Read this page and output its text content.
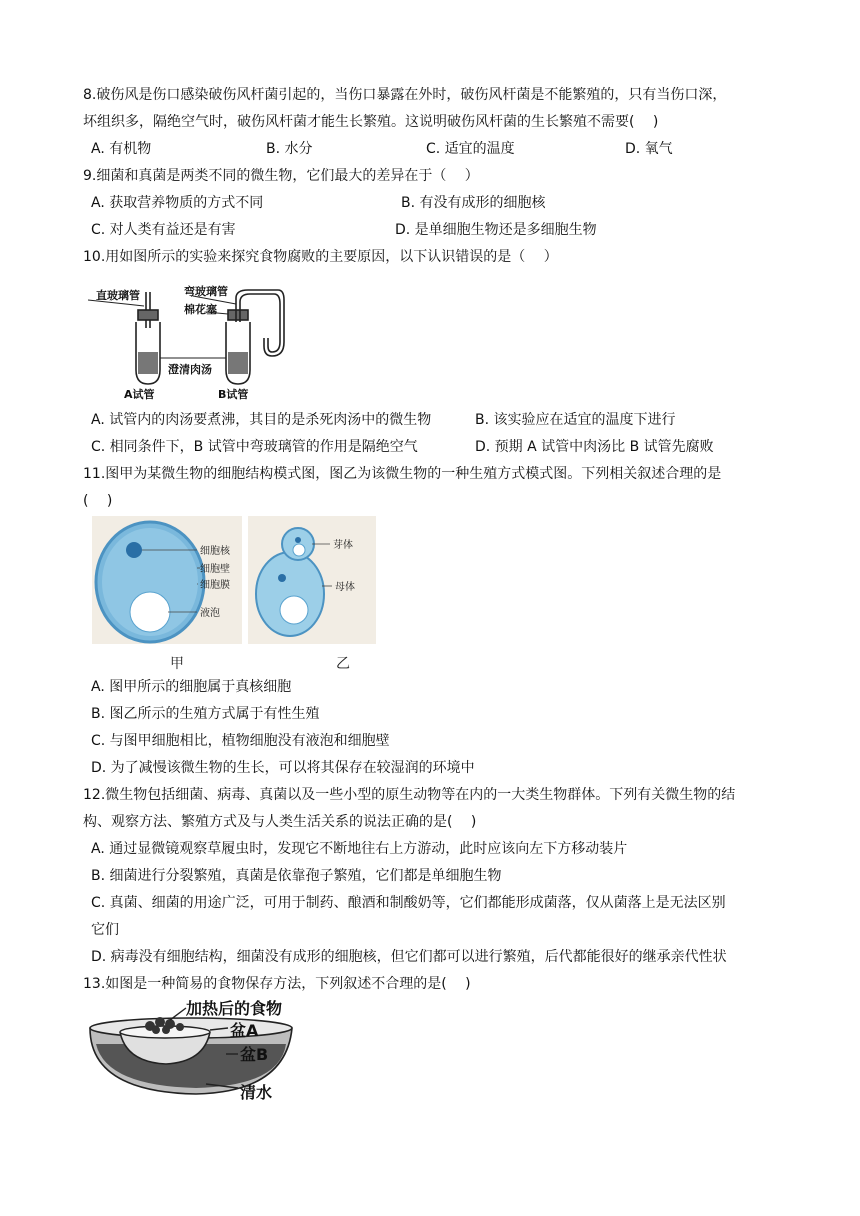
8.破伤风是伤口感染破伤风杆菌引起的，当伤口暴露在外时，破伤风杆菌是不能繁殖的，只有当伤口深，
坏组织多，隔绝空气时，破伤风杆菌才能生长繁殖。这说明破伤风杆菌的生长繁殖不需要(　 )
A. 有机物	B. 水分	C. 适宜的温度	D. 氧气
9.细菌和真菌是两类不同的微生物，它们最大的差异在于（　 ）
A. 获取营养物质的方式不同	B. 有没有成形的细胞核
C. 对人类有益还是有害	D. 是单细胞生物还是多细胞生物
10.用如图所示的实验来探究食物腐败的主要原因，以下认识错误的是（　 ）
直玻璃管	弯玻璃管
棉花塞
澄清肉汤
A试管	B试管
A. 试管内的肉汤要煮沸，其目的是杀死肉汤中的微生物	B. 该实验应在适宜的温度下进行
C. 相同条件下，B 试管中弯玻璃管的作用是隔绝空气	D. 预期 A 试管中肉汤比 B 试管先腐败
11.图甲为某微生物的细胞结构模式图，图乙为该微生物的一种生殖方式模式图。下列相关叙述合理的是
(　 )
细胞核
细胞壁
细胞膜
液泡
芽体
母体
甲	乙
A. 图甲所示的细胞属于真核细胞
B. 图乙所示的生殖方式属于有性生殖
C. 与图甲细胞相比，植物细胞没有液泡和细胞壁
D. 为了减慢该微生物的生长，可以将其保存在较湿润的环境中
12.微生物包括细菌、病毒、真菌以及一些小型的原生动物等在内的一大类生物群体。下列有关微生物的结
构、观察方法、繁殖方式及与人类生活关系的说法正确的是(　 )
A. 通过显微镜观察草履虫时，发现它不断地往右上方游动，此时应该向左下方移动装片
B. 细菌进行分裂繁殖，真菌是依靠孢子繁殖，它们都是单细胞生物
C. 真菌、细菌的用途广泛，可用于制药、酿酒和制酸奶等，它们都能形成菌落，仅从菌落上是无法区别
它们
D. 病毒没有细胞结构，细菌没有成形的细胞核，但它们都可以进行繁殖，后代都能很好的继承亲代性状
13.如图是一种简易的食物保存方法，下列叙述不合理的是(　 )
加热后的食物
盆A
盆B
清水
